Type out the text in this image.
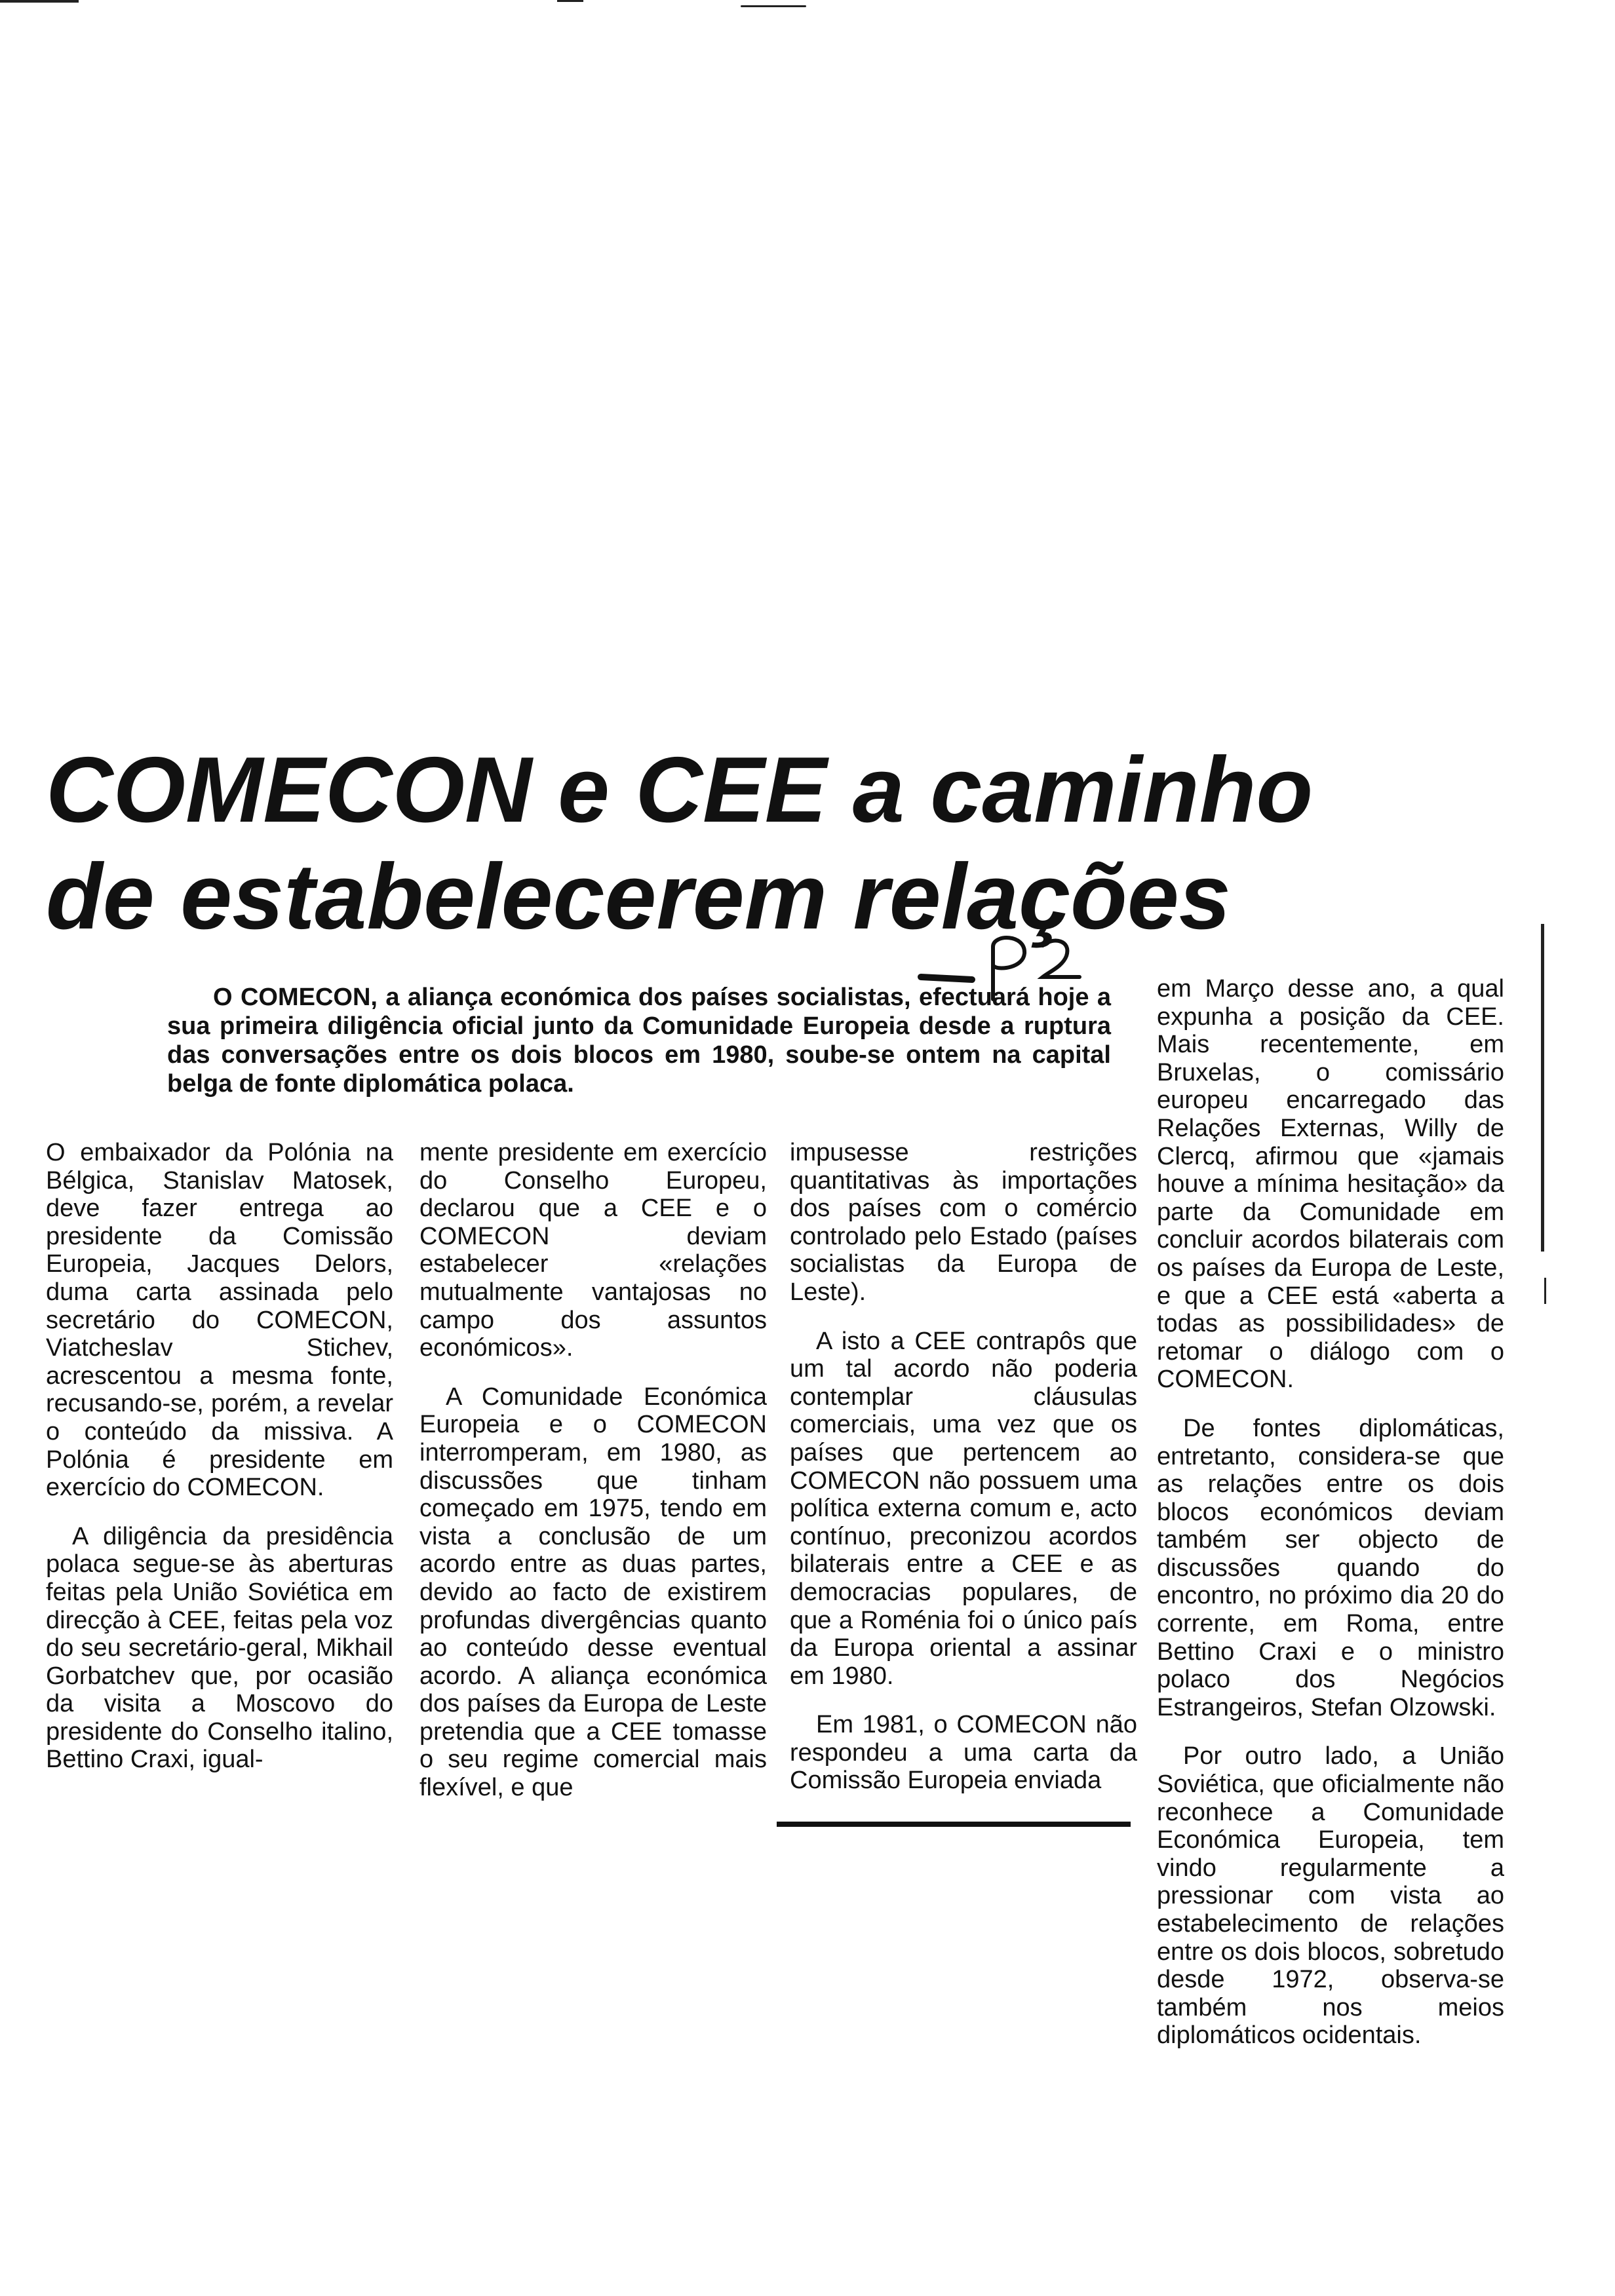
COMECON e CEE a caminho
de estabelecerem relações

O COMECON, a aliança económica dos países socialistas, efectuará hoje a sua primeira diligência oficial junto da Comunidade Europeia desde a ruptura das conversações entre os dois blocos em 1980, soube-se ontem na capital belga de fonte diplomática polaca.

O embaixador da Polónia na Bélgica, Stanislav Matosek, deve fazer entrega ao presidente da Comissão Europeia, Jacques Delors, duma carta assinada pelo secretário do COMECON, Viatcheslav Stichev, acrescentou a mesma fonte, recusando-se, porém, a revelar o conteúdo da missiva. A Polónia é presidente em exercício do COMECON.

A diligência da presidência polaca segue-se às aberturas feitas pela União Soviética em direcção à CEE, feitas pela voz do seu secretário-geral, Mikhail Gorbatchev que, por ocasião da visita a Moscovo do presidente do Conselho italino, Bettino Craxi, igual-

mente presidente em exercício do Conselho Europeu, declarou que a CEE e o COMECON deviam estabelecer «relações mutualmente vantajosas no campo dos assuntos económicos».

A Comunidade Económica Europeia e o COMECON interromperam, em 1980, as discussões que tinham começado em 1975, tendo em vista a conclusão de um acordo entre as duas partes, devido ao facto de existirem profundas divergências quanto ao conteúdo desse eventual acordo. A aliança económica dos países da Europa de Leste pretendia que a CEE tomasse o seu regime comercial mais flexível, e que

impusesse restrições quantitativas às importações dos países com o comércio controlado pelo Estado (países socialistas da Europa de Leste).

A isto a CEE contrapôs que um tal acordo não poderia contemplar cláusulas comerciais, uma vez que os países que pertencem ao COMECON não possuem uma política externa comum e, acto contínuo, preconizou acordos bilaterais entre a CEE e as democracias populares, de que a Roménia foi o único país da Europa oriental a assinar em 1980.

Em 1981, o COMECON não respondeu a uma carta da Comissão Europeia enviada

em Março desse ano, a qual expunha a posição da CEE. Mais recentemente, em Bruxelas, o comissário europeu encarregado das Relações Externas, Willy de Clercq, afirmou que «jamais houve a mínima hesitação» da parte da Comunidade em concluir acordos bilaterais com os países da Europa de Leste, e que a CEE está «aberta a todas as possibilidades» de retomar o diálogo com o COMECON.

De fontes diplomáticas, entretanto, considera-se que as relações entre os dois blocos económicos deviam também ser objecto de discussões quando do encontro, no próximo dia 20 do corrente, em Roma, entre Bettino Craxi e o ministro polaco dos Negócios Estrangeiros, Stefan Olzowski.

Por outro lado, a União Soviética, que oficialmente não reconhece a Comunidade Económica Europeia, tem vindo regularmente a pressionar com vista ao estabelecimento de relações entre os dois blocos, sobretudo desde 1972, observa-se também nos meios diplomáticos ocidentais.
